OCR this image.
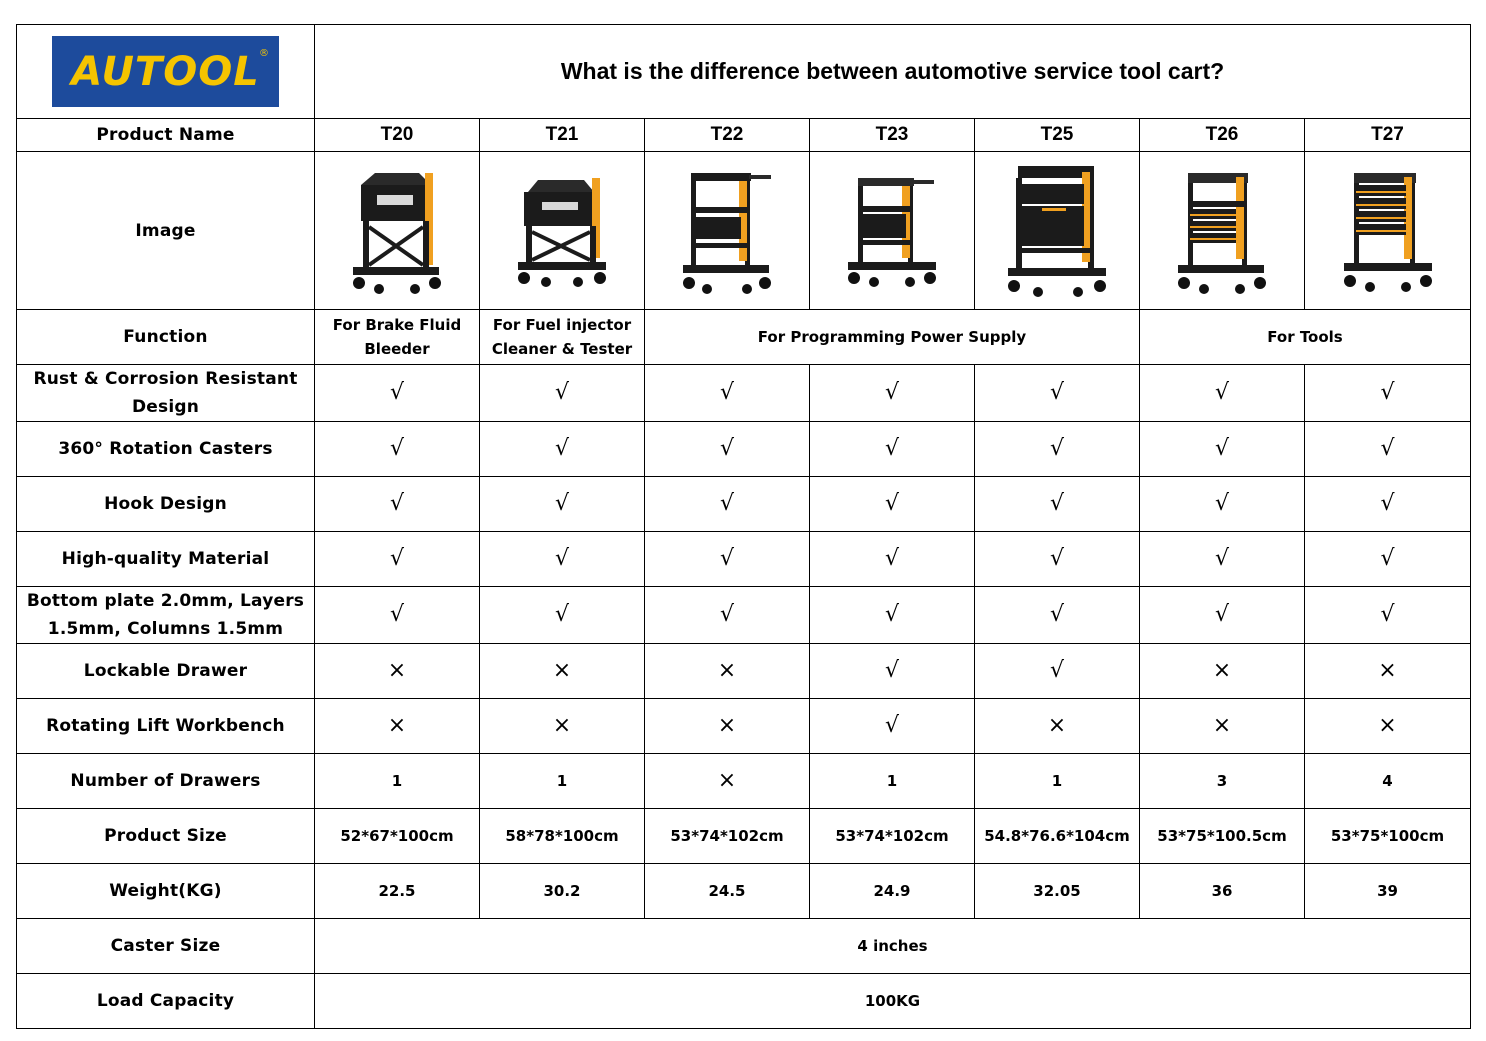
AUTOOL ®	What is the difference between automotive service tool cart?						
Product Name	T20	T21	T22	T23	T25	T26	T27
Image	

Function	For Brake Fluid Bleeder	For Fuel injector Cleaner & Tester	For Programming Power Supply			For Tools	
Rust & Corrosion Resistant Design	√	√	√	√	√	√	√
360° Rotation Casters	√	√	√	√	√	√	√
Hook Design	√	√	√	√	√	√	√
High-quality Material	√	√	√	√	√	√	√
Bottom plate 2.0mm, Layers 1.5mm, Columns 1.5mm	√	√	√	√	√	√	√
Lockable Drawer	×	×	×	√	√	×	×
Rotating Lift Workbench	×	×	×	√	×	×	×
Number of Drawers	1	1	×	1	1	3	4
Product Size	52*67*100cm	58*78*100cm	53*74*102cm	53*74*102cm	54.8*76.6*104cm	53*75*100.5cm	53*75*100cm
Weight(KG)	22.5	30.2	24.5	24.9	32.05	36	39
Caster Size	4 inches						
Load Capacity	100KG						
